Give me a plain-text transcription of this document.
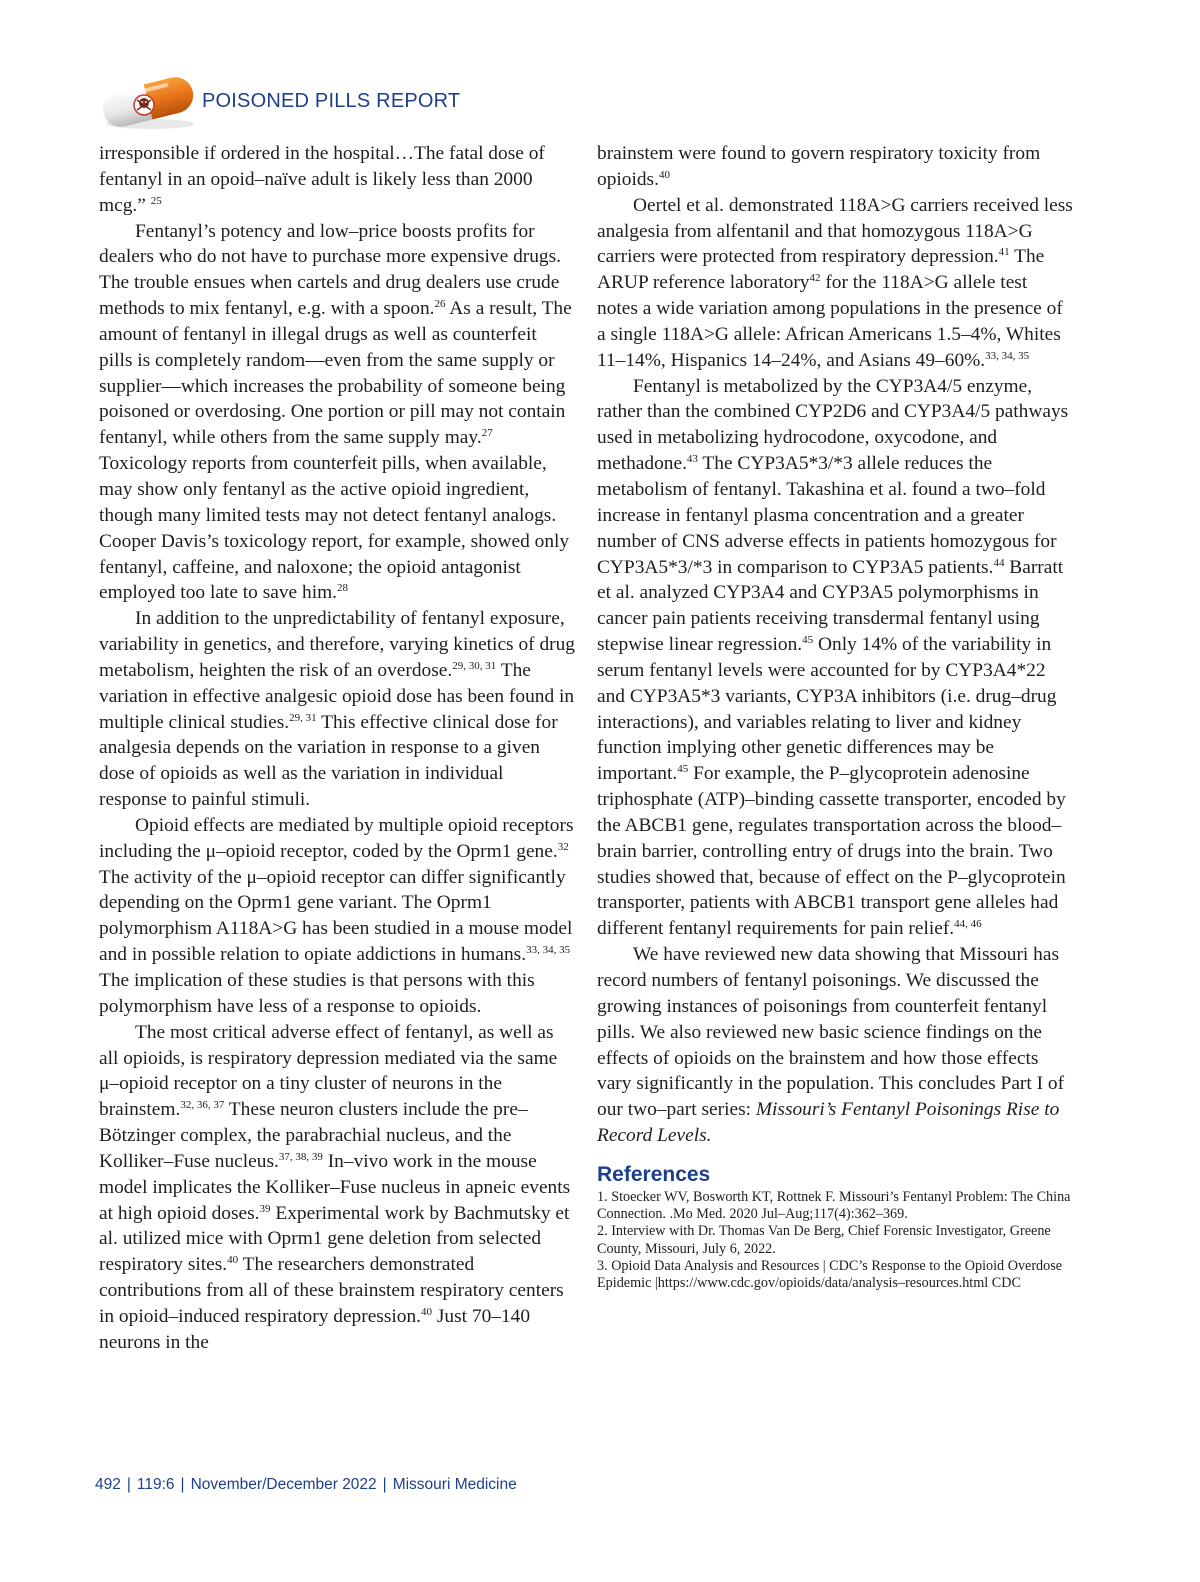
POISONED PILLS REPORT

irresponsible if ordered in the hospital…The fatal dose of fentanyl in an opoid–naïve adult is likely less than 2000 mcg.” $^{25}$

Fentanyl’s potency and low–price boosts profits for dealers who do not have to purchase more expensive drugs. The trouble ensues when cartels and drug dealers use crude methods to mix fentanyl, e.g. with a spoon.$^{26}$ As a result, The amount of fentanyl in illegal drugs as well as counterfeit pills is completely random—even from the same supply or supplier—which increases the probability of someone being poisoned or overdosing. One portion or pill may not contain fentanyl, while others from the same supply may.$^{27}$ Toxicology reports from counterfeit pills, when available, may show only fentanyl as the active opioid ingredient, though many limited tests may not detect fentanyl analogs. Cooper Davis’s toxicology report, for example, showed only fentanyl, caffeine, and naloxone; the opioid antagonist employed too late to save him.$^{28}$

In addition to the unpredictability of fentanyl exposure, variability in genetics, and therefore, varying kinetics of drug metabolism, heighten the risk of an overdose.$^{29, 30, 31}$ The variation in effective analgesic opioid dose has been found in multiple clinical studies.$^{29, 31}$ This effective clinical dose for analgesia depends on the variation in response to a given dose of opioids as well as the variation in individual response to painful stimuli.

Opioid effects are mediated by multiple opioid receptors including the μ–opioid receptor, coded by the Oprm1 gene.$^{32}$ The activity of the μ–opioid receptor can differ significantly depending on the Oprm1 gene variant. The Oprm1 polymorphism A118A>G has been studied in a mouse model and in possible relation to opiate addictions in humans.$^{33, 34, 35}$ The implication of these studies is that persons with this polymorphism have less of a response to opioids.

The most critical adverse effect of fentanyl, as well as all opioids, is respiratory depression mediated via the same μ–opioid receptor on a tiny cluster of neurons in the brainstem.$^{32, 36, 37}$ These neuron clusters include the pre–Bötzinger complex, the parabrachial nucleus, and the Kolliker–Fuse nucleus.$^{37, 38, 39}$ In–vivo work in the mouse model implicates the Kolliker–Fuse nucleus in apneic events at high opioid doses.$^{39}$ Experimental work by Bachmutsky et al. utilized mice with Oprm1 gene deletion from selected respiratory sites.$^{40}$ The researchers demonstrated contributions from all of these brainstem respiratory centers in opioid–induced respiratory depression.$^{40}$ Just 70–140 neurons in the

brainstem were found to govern respiratory toxicity from opioids.$^{40}$

Oertel et al. demonstrated 118A>G carriers received less analgesia from alfentanil and that homozygous 118A>G carriers were protected from respiratory depression.$^{41}$ The ARUP reference laboratory$^{42}$ for the 118A>G allele test notes a wide variation among populations in the presence of a single 118A>G allele: African Americans 1.5–4%, Whites 11–14%, Hispanics 14–24%, and Asians 49–60%.$^{33, 34, 35}$

Fentanyl is metabolized by the CYP3A4/5 enzyme, rather than the combined CYP2D6 and CYP3A4/5 pathways used in metabolizing hydrocodone, oxycodone, and methadone.$^{43}$ The CYP3A5*3/*3 allele reduces the metabolism of fentanyl. Takashina et al. found a two–fold increase in fentanyl plasma concentration and a greater number of CNS adverse effects in patients homozygous for CYP3A5*3/*3 in comparison to CYP3A5 patients.$^{44}$ Barratt et al. analyzed CYP3A4 and CYP3A5 polymorphisms in cancer pain patients receiving transdermal fentanyl using stepwise linear regression.$^{45}$ Only 14% of the variability in serum fentanyl levels were accounted for by CYP3A4*22 and CYP3A5*3 variants, CYP3A inhibitors (i.e. drug–drug interactions), and variables relating to liver and kidney function implying other genetic differences may be important.$^{45}$ For example, the P–glycoprotein adenosine triphosphate (ATP)–binding cassette transporter, encoded by the ABCB1 gene, regulates transportation across the blood–brain barrier, controlling entry of drugs into the brain. Two studies showed that, because of effect on the P–glycoprotein transporter, patients with ABCB1 transport gene alleles had different fentanyl requirements for pain relief.$^{44, 46}$

We have reviewed new data showing that Missouri has record numbers of fentanyl poisonings. We discussed the growing instances of poisonings from counterfeit fentanyl pills. We also reviewed new basic science findings on the effects of opioids on the brainstem and how those effects vary significantly in the population. This concludes Part I of our two–part series: Missouri’s Fentanyl Poisonings Rise to Record Levels.

References
1. Stoecker WV, Bosworth KT, Rottnek F. Missouri’s Fentanyl Problem: The China Connection. .Mo Med. 2020 Jul–Aug;117(4):362–369.
2. Interview with Dr. Thomas Van De Berg, Chief Forensic Investigator, Greene County, Missouri, July 6, 2022.
3. Opioid Data Analysis and Resources | CDC’s Response to the Opioid Overdose Epidemic |https://www.cdc.gov/opioids/data/analysis–resources.html CDC
492 | 119:6 | November/December 2022 | Missouri Medicine
